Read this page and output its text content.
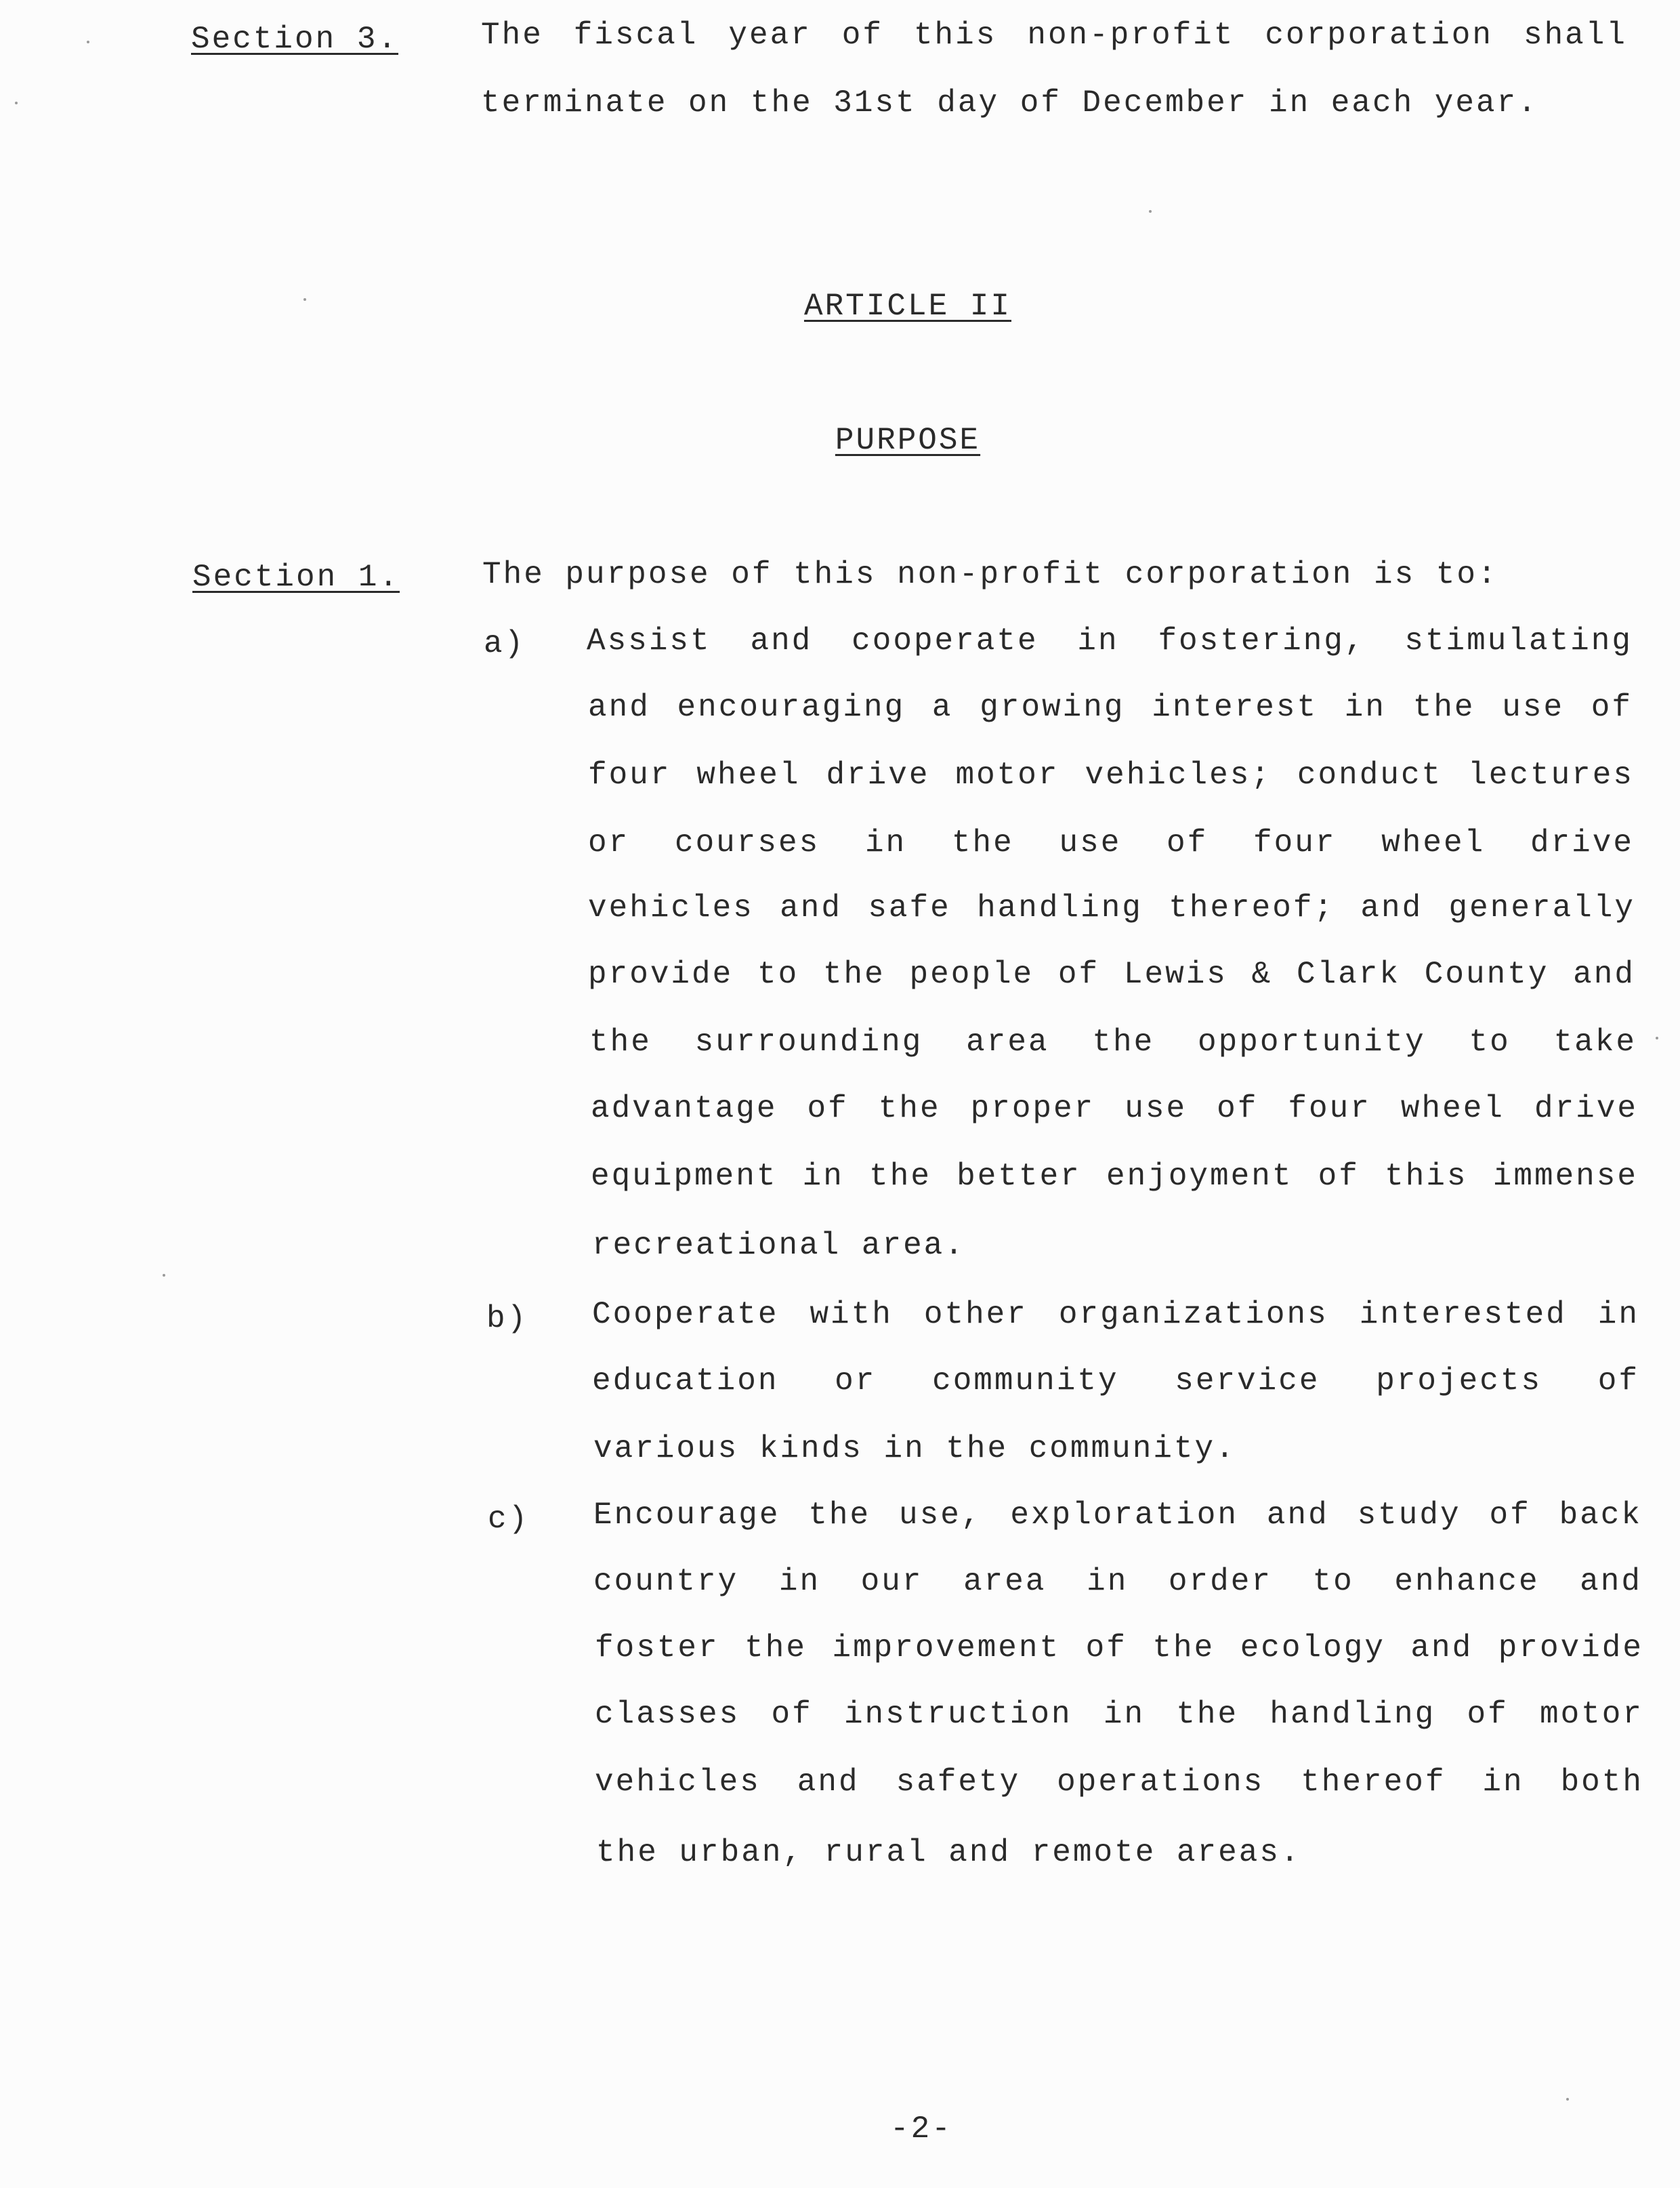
Section 3.	The fiscal year of this non-profit corporation shall
terminate on the 31st day of December in each year.
ARTICLE II
PURPOSE
Section 1.	The purpose of this non-profit corporation is to:
a) Assist and cooperate in fostering, stimulating
and encouraging a growing interest in the use of
four wheel drive motor vehicles; conduct lectures
or courses in the use of four wheel drive
vehicles and safe handling thereof; and generally
provide to the people of Lewis & Clark County and
the surrounding area the opportunity to take
advantage of the proper use of four wheel drive
equipment in the better enjoyment of this immense
recreational area.
b) Cooperate with other organizations interested in
education or community service projects of
various kinds in the community.
c) Encourage the use, exploration and study of back
country in our area in order to enhance and
foster the improvement of the ecology and provide
classes of instruction in the handling of motor
vehicles and safety operations thereof in both
the urban, rural and remote areas.
-2-
